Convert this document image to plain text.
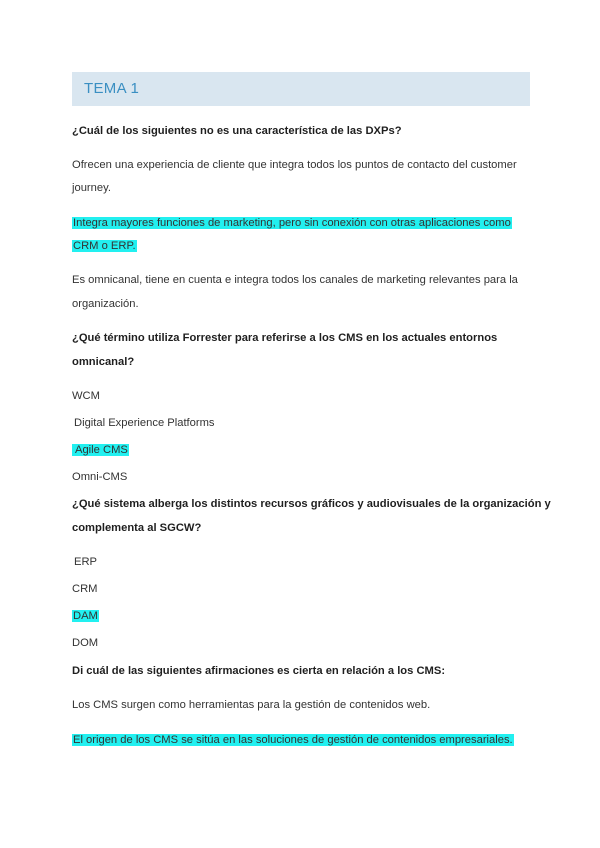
TEMA 1
¿Cuál de los siguientes no es una característica de las DXPs?
Ofrecen una experiencia de cliente que integra todos los puntos de contacto del customer
journey.
Integra mayores funciones de marketing, pero sin conexión con otras aplicaciones como
CRM o ERP.
Es omnicanal, tiene en cuenta e integra todos los canales de marketing relevantes para la
organización.
¿Qué término utiliza Forrester para referirse a los CMS en los actuales entornos
omnicanal?
WCM
Digital Experience Platforms
Agile CMS
Omni-CMS
¿Qué sistema alberga los distintos recursos gráficos y audiovisuales de la organización y
complementa al SGCW?
ERP
CRM
DAM
DOM
Di cuál de las siguientes afirmaciones es cierta en relación a los CMS:
Los CMS surgen como herramientas para la gestión de contenidos web.
El origen de los CMS se sitúa en las soluciones de gestión de contenidos empresariales.
